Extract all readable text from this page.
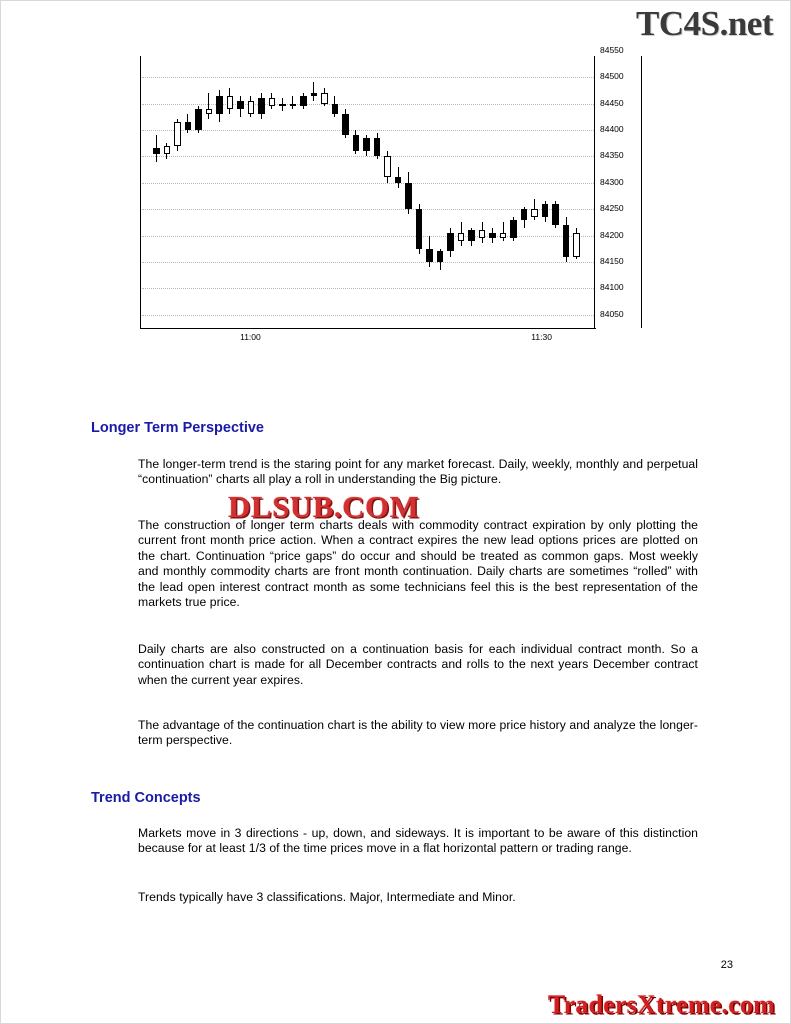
TC4S.net
84550
84500
84450
84400
84350
84300
84250
84200
84150
84100
84050
11:00	11:30
Longer Term Perspective
The longer-term trend is the staring point for any market forecast. Daily, weekly, monthly and perpetual “continuation” charts all play a roll in understanding the Big picture.
The construction of longer term charts deals with commodity contract expiration by only plotting the current front month price action. When a contract expires the new lead options prices are plotted on the chart. Continuation “price gaps” do occur and should be treated as common gaps. Most weekly and monthly commodity charts are front month continuation. Daily charts are sometimes “rolled” with the lead open interest contract month as some technicians feel this is the best representation of the markets true price.
Daily charts are also constructed on a continuation basis for each individual contract month. So a continuation chart is made for all December contracts and rolls to the next years December contract when the current year expires.
The advantage of the continuation chart is the ability to view more price history and analyze the longer-term perspective.
Trend Concepts
Markets move in 3 directions - up, down, and sideways. It is important to be aware of this distinction because for at least 1/3 of the time prices move in a flat horizontal pattern or trading range.
Trends typically have 3 classifications. Major, Intermediate and Minor.
DLSUB.COM
23
TradersXtreme.com
